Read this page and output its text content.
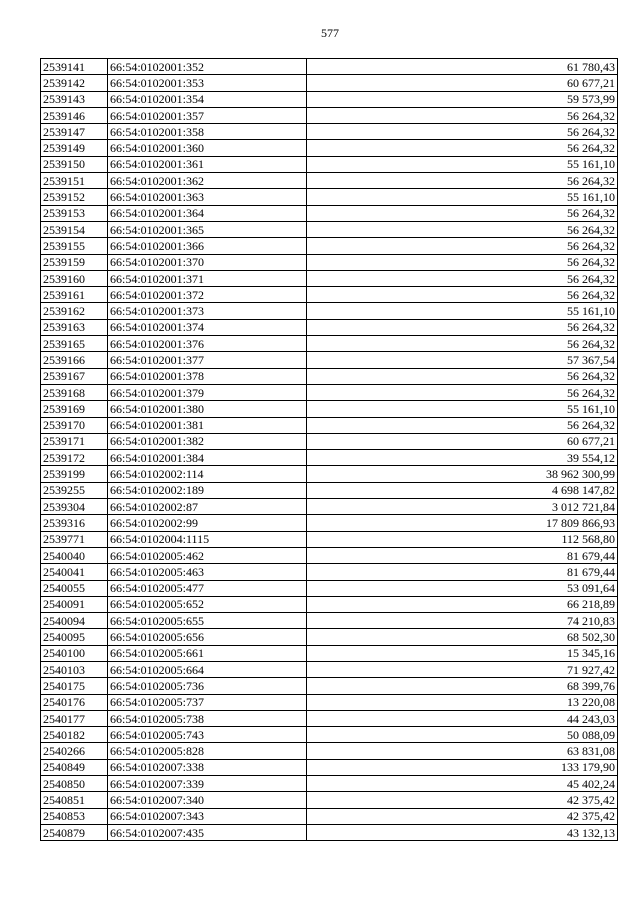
577
2539141	66:54:0102001:352	61 780,43
2539142	66:54:0102001:353	60 677,21
2539143	66:54:0102001:354	59 573,99
2539146	66:54:0102001:357	56 264,32
2539147	66:54:0102001:358	56 264,32
2539149	66:54:0102001:360	56 264,32
2539150	66:54:0102001:361	55 161,10
2539151	66:54:0102001:362	56 264,32
2539152	66:54:0102001:363	55 161,10
2539153	66:54:0102001:364	56 264,32
2539154	66:54:0102001:365	56 264,32
2539155	66:54:0102001:366	56 264,32
2539159	66:54:0102001:370	56 264,32
2539160	66:54:0102001:371	56 264,32
2539161	66:54:0102001:372	56 264,32
2539162	66:54:0102001:373	55 161,10
2539163	66:54:0102001:374	56 264,32
2539165	66:54:0102001:376	56 264,32
2539166	66:54:0102001:377	57 367,54
2539167	66:54:0102001:378	56 264,32
2539168	66:54:0102001:379	56 264,32
2539169	66:54:0102001:380	55 161,10
2539170	66:54:0102001:381	56 264,32
2539171	66:54:0102001:382	60 677,21
2539172	66:54:0102001:384	39 554,12
2539199	66:54:0102002:114	38 962 300,99
2539255	66:54:0102002:189	4 698 147,82
2539304	66:54:0102002:87	3 012 721,84
2539316	66:54:0102002:99	17 809 866,93
2539771	66:54:0102004:1115	112 568,80
2540040	66:54:0102005:462	81 679,44
2540041	66:54:0102005:463	81 679,44
2540055	66:54:0102005:477	53 091,64
2540091	66:54:0102005:652	66 218,89
2540094	66:54:0102005:655	74 210,83
2540095	66:54:0102005:656	68 502,30
2540100	66:54:0102005:661	15 345,16
2540103	66:54:0102005:664	71 927,42
2540175	66:54:0102005:736	68 399,76
2540176	66:54:0102005:737	13 220,08
2540177	66:54:0102005:738	44 243,03
2540182	66:54:0102005:743	50 088,09
2540266	66:54:0102005:828	63 831,08
2540849	66:54:0102007:338	133 179,90
2540850	66:54:0102007:339	45 402,24
2540851	66:54:0102007:340	42 375,42
2540853	66:54:0102007:343	42 375,42
2540879	66:54:0102007:435	43 132,13
